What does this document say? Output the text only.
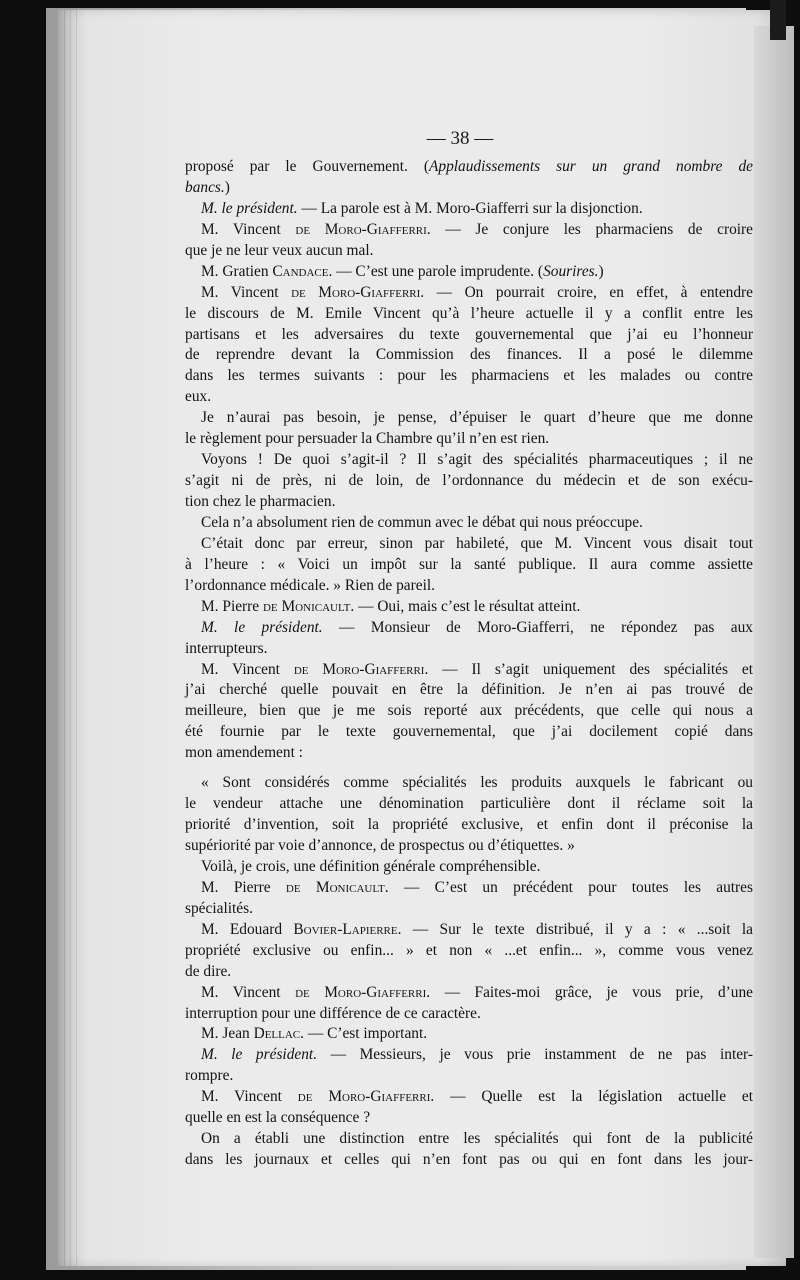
— 38 —

proposé par le Gouvernement. (Applaudissements sur un grand nombre de
bancs.)
M. le président. — La parole est à M. Moro-Giafferri sur la disjonction.
M. Vincent de Moro-Giafferri. — Je conjure les pharmaciens de croire
que je ne leur veux aucun mal.
M. Gratien Candace. — C’est une parole imprudente. (Sourires.)
M. Vincent de Moro-Giafferri. — On pourrait croire, en effet, à entendre
le discours de M. Emile Vincent qu’à l’heure actuelle il y a conflit entre les
partisans et les adversaires du texte gouvernemental que j’ai eu l’honneur
de reprendre devant la Commission des finances. Il a posé le dilemme
dans les termes suivants : pour les pharmaciens et les malades ou contre
eux.
Je n’aurai pas besoin, je pense, d’épuiser le quart d’heure que me donne
le règlement pour persuader la Chambre qu’il n’en est rien.
Voyons ! De quoi s’agit-il ? Il s’agit des spécialités pharmaceutiques ; il ne
s’agit ni de près, ni de loin, de l’ordonnance du médecin et de son exécu-
tion chez le pharmacien.
Cela n’a absolument rien de commun avec le débat qui nous préoccupe.
C’était donc par erreur, sinon par habileté, que M. Vincent vous disait tout
à l’heure : « Voici un impôt sur la santé publique. Il aura comme assiette
l’ordonnance médicale. » Rien de pareil.
M. Pierre de Monicault. — Oui, mais c’est le résultat atteint.
M. le président. — Monsieur de Moro-Giafferri, ne répondez pas aux
interrupteurs.
M. Vincent de Moro-Giafferri. — Il s’agit uniquement des spécialités et
j’ai cherché quelle pouvait en être la définition. Je n’en ai pas trouvé de
meilleure, bien que je me sois reporté aux précédents, que celle qui nous a
été fournie par le texte gouvernemental, que j’ai docilement copié dans
mon amendement :
« Sont considérés comme spécialités les produits auxquels le fabricant ou
le vendeur attache une dénomination particulière dont il réclame soit la
priorité d’invention, soit la propriété exclusive, et enfin dont il préconise la
supériorité par voie d’annonce, de prospectus ou d’étiquettes. »
Voilà, je crois, une définition générale compréhensible.
M. Pierre de Monicault. — C’est un précédent pour toutes les autres
spécialités.
M. Edouard Bovier-Lapierre. — Sur le texte distribué, il y a : « ...soit la
propriété exclusive ou enfin... » et non « ...et enfin... », comme vous venez
de dire.
M. Vincent de Moro-Giafferri. — Faites-moi grâce, je vous prie, d’une
interruption pour une différence de ce caractère.
M. Jean Dellac. — C’est important.
M. le président. — Messieurs, je vous prie instamment de ne pas inter-
rompre.
M. Vincent de Moro-Giafferri. — Quelle est la législation actuelle et
quelle en est la conséquence ?
On a établi une distinction entre les spécialités qui font de la publicité
dans les journaux et celles qui n’en font pas ou qui en font dans les jour-
